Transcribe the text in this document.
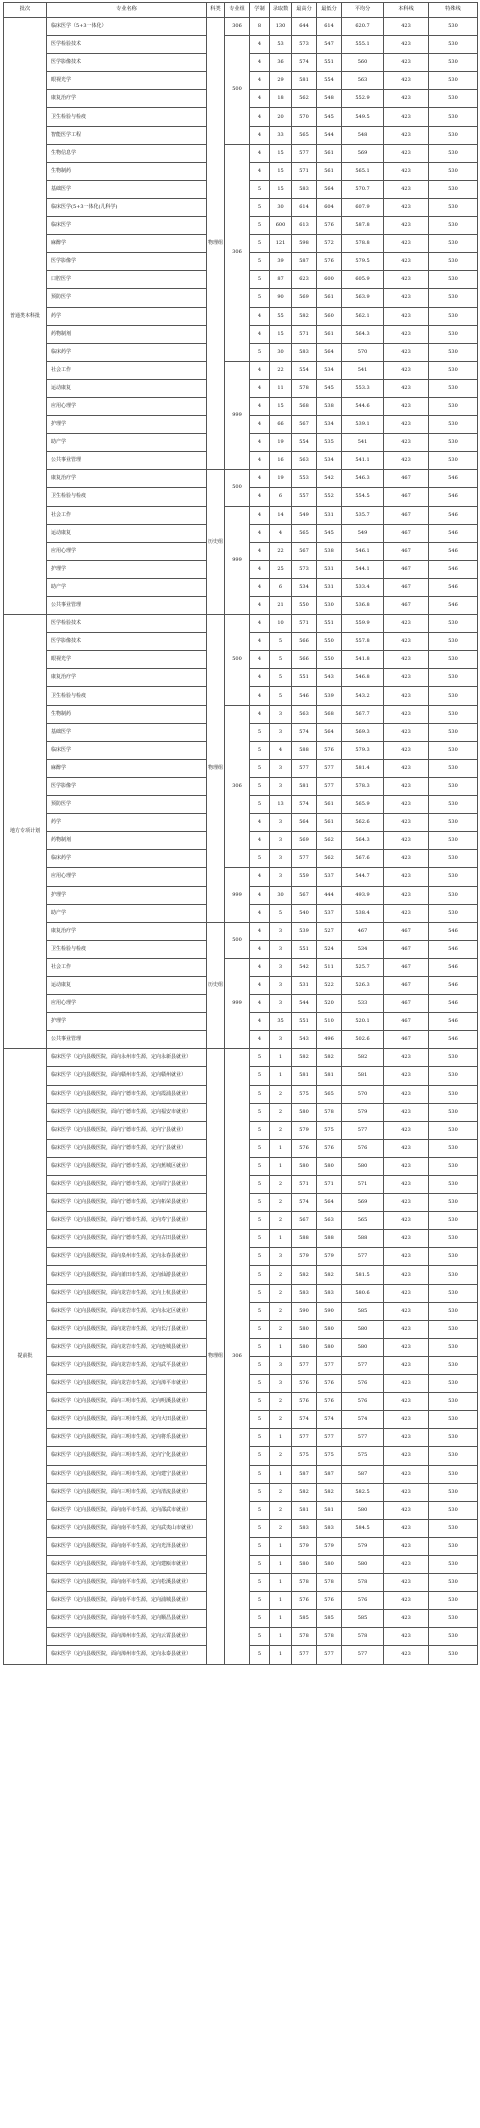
批次	专业名称	科类	专业组	学制	录取数	最高分	最低分	平均分	本科线	特殊线
普通类本科批	临床医学（5+3一体化）	物理组	306	8	130	644	614	620.7	423	530
	医学检验技术		500	4	53	573	547	555.1	423	530
	医学影像技术			4	36	574	551	560	423	530
	眼视光学			4	29	581	554	563	423	530
	康复治疗学			4	18	562	548	552.9	423	530
	卫生检验与检疫			4	20	570	545	549.5	423	530
	智能医学工程			4	33	565	544	548	423	530
	生物信息学		306	4	15	577	561	569	423	530
	生物制药			4	15	571	561	565.1	423	530
	基础医学			5	15	583	564	570.7	423	530
	临床医学(5+3一体化(儿科学)			5	30	614	604	607.9	423	530
	临床医学			5	600	613	576	587.8	423	530
	麻醉学			5	121	598	572	578.8	423	530
	医学影像学			5	39	587	576	579.5	423	530
	口腔医学			5	87	623	600	605.9	423	530
	预防医学			5	90	569	561	563.9	423	530
	药学			4	55	582	560	562.1	423	530
	药物制剂			4	15	571	561	564.3	423	530
	临床药学			5	30	583	564	570	423	530
	社会工作		999	4	22	554	534	541	423	530
	运动康复			4	11	578	545	553.3	423	530
	应用心理学			4	15	568	538	544.6	423	530
	护理学			4	66	567	534	539.1	423	530
	助产学			4	19	554	535	541	423	530
	公共事业管理			4	16	563	534	541.1	423	530
	康复治疗学	历史组	500	4	19	553	542	546.3	467	546
	卫生检验与检疫			4	6	557	552	554.5	467	546
	社会工作		999	4	14	549	531	535.7	467	546
	运动康复			4	4	565	545	549	467	546
	应用心理学			4	22	567	538	546.1	467	546
	护理学			4	25	573	531	544.1	467	546
	助产学			4	6	534	531	533.4	467	546
	公共事业管理			4	21	550	530	536.8	467	546
地方专项计划	医学检验技术	物理组	500	4	10	571	551	559.9	423	530
	医学影像技术			4	5	566	550	557.8	423	530
	眼视光学			4	5	566	550	541.8	423	530
	康复治疗学			4	5	551	543	546.8	423	530
	卫生检验与检疫			4	5	546	539	543.2	423	530
	生物制药		306	4	3	563	568	567.7	423	530
	基础医学			5	3	574	564	569.3	423	530
	临床医学			5	4	588	576	579.3	423	530
	麻醉学			5	3	577	577	581.4	423	530
	医学影像学			5	3	581	577	578.3	423	530
	预防医学			5	13	574	561	565.9	423	530
	药学			4	3	564	561	562.6	423	530
	药物制剂			4	3	569	562	564.3	423	530
	临床药学			5	3	577	562	567.6	423	530
	应用心理学		999	4	3	559	537	544.7	423	530
	护理学			4	30	567	444	493.9	423	530
	助产学			4	5	540	537	538.4	423	530
	康复治疗学	历史组	500	4	3	539	527	467	467	546
	卫生检验与检疫			4	3	551	524	534	467	546
	社会工作		999	4	3	542	511	525.7	467	546
	运动康复			4	3	531	522	526.3	467	546
	应用心理学			4	3	544	520	533	467	546
	护理学			4	35	551	510	520.1	467	546
	公共事业管理			4	3	543	496	502.6	467	546
提前批	临床医学（定向县级医院，面向永州市生源，定向永新县就业）	物理组	306	5	1	582	582	582	423	530
	临床医学（定向县级医院，面向赣州市生源，定向赣州就业）			5	1	581	581	581	423	530
	临床医学（定向县级医院，面向宁德市生源，定向霞浦县就业）			5	2	575	565	570	423	530
	临床医学（定向县级医院，面向宁德市生源，定向福安市就业）			5	2	580	578	579	423	530
	临床医学（定向县级医院，面向宁德市生源，定向宁县就业）			5	2	579	575	577	423	530
	临床医学（定向县级医院，面向宁德市生源，定向宁县就业）			5	1	576	576	576	423	530
	临床医学（定向县级医院，面向宁德市生源，定向蕉城区就业）			5	1	580	580	580	423	530
	临床医学（定向县级医院，面向宁德市生源，定向周宁县就业）			5	2	571	571	571	423	530
	临床医学（定向县级医院，面向宁德市生源，定向柘荣县就业）			5	2	574	564	569	423	530
	临床医学（定向县级医院，面向宁德市生源，定向寿宁县就业）			5	2	567	563	565	423	530
	临床医学（定向县级医院，面向宁德市生源，定向古田县就业）			5	1	588	588	588	423	530
	临床医学（定向县级医院，面向泉州市生源，定向永春县就业）			5	3	579	579	577	423	530
	临床医学（定向县级医院，面向莆田市生源，定向仙游县就业）			5	2	582	582	581.5	423	530
	临床医学（定向县级医院，面向龙岩市生源，定向上杭县就业）			5	2	583	583	580.6	423	530
	临床医学（定向县级医院，面向龙岩市生源，定向永定区就业）			5	2	590	590	585	423	530
	临床医学（定向县级医院，面向龙岩市生源，定向长汀县就业）			5	2	580	580	580	423	530
	临床医学（定向县级医院，面向龙岩市生源，定向连城县就业）			5	1	580	580	580	423	530
	临床医学（定向县级医院，面向龙岩市生源，定向武平县就业）			5	3	577	577	577	423	530
	临床医学（定向县级医院，面向龙岩市生源，定向漳平市就业）			5	3	576	576	576	423	530
	临床医学（定向县级医院，面向三明市生源，定向明溪县就业）			5	2	576	576	576	423	530
	临床医学（定向县级医院，面向三明市生源，定向大田县就业）			5	2	574	574	574	423	530
	临床医学（定向县级医院，面向三明市生源，定向将乐县就业）			5	1	577	577	577	423	530
	临床医学（定向县级医院，面向三明市生源，定向宁化县就业）			5	2	575	575	575	423	530
	临床医学（定向县级医院，面向三明市生源，定向建宁县就业）			5	1	587	587	587	423	530
	临床医学（定向县级医院，面向三明市生源，定向清流县就业）			5	2	582	582	582.5	423	530
	临床医学（定向县级医院，面向南平市生源，定向邵武市就业）			5	2	581	581	580	423	530
	临床医学（定向县级医院，面向南平市生源，定向武夷山市就业）			5	2	583	583	584.5	423	530
	临床医学（定向县级医院，面向南平市生源，定向光泽县就业）			5	1	579	579	579	423	530
	临床医学（定向县级医院，面向南平市生源，定向建瓯市就业）			5	1	580	580	580	423	530
	临床医学（定向县级医院，面向南平市生源，定向松溪县就业）			5	1	578	578	578	423	530
	临床医学（定向县级医院，面向南平市生源，定向浦城县就业）			5	1	576	576	576	423	530
	临床医学（定向县级医院，面向南平市生源，定向顺昌县就业）			5	1	585	585	585	423	530
	临床医学（定向县级医院，面向漳州市生源，定向云霄县就业）			5	1	578	578	578	423	530
	临床医学（定向县级医院，面向漳州市生源，定向永泰县就业）			5	1	577	577	577	423	530
